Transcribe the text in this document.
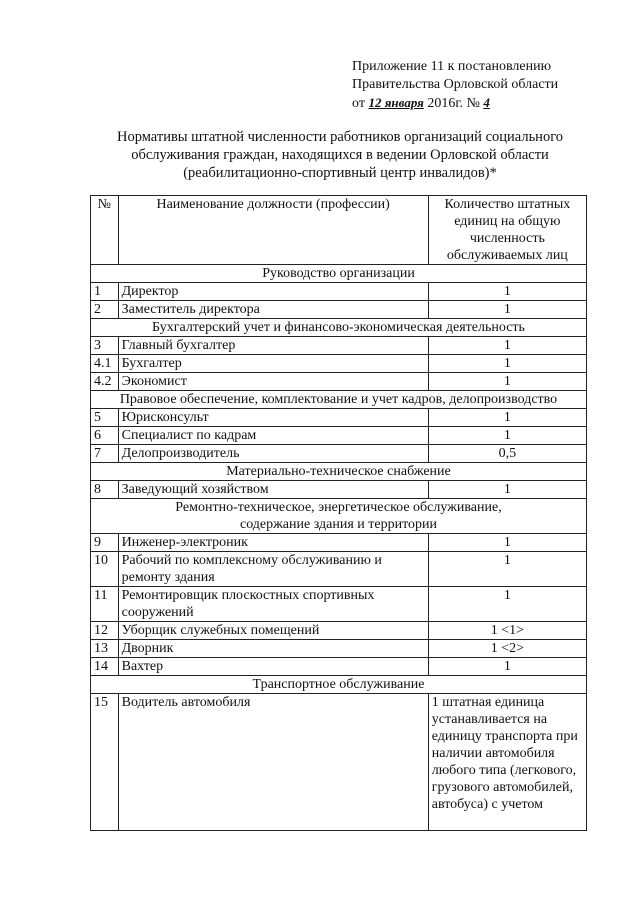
Приложение 11 к постановлению
Правительства Орловской области
от 12 января 2016г. № 4
Нормативы штатной численности работников организаций социального
обслуживания граждан, находящихся в ведении Орловской области
(реабилитационно-спортивный центр инвалидов)*
№	Наименование должности (профессии)	Количество штатных единиц на общую численность обслуживаемых лиц
Руководство организации		
1	Директор	1
2	Заместитель директора	1
Бухгалтерский учет и финансово-экономическая деятельность		
3	Главный бухгалтер	1
4.1	Бухгалтер	1
4.2	Экономист	1
Правовое обеспечение, комплектование и учет кадров, делопроизводство		
5	Юрисконсульт	1
6	Специалист по кадрам	1
7	Делопроизводитель	0,5
Материально-техническое снабжение		
8	Заведующий хозяйством	1
Ремонтно-техническое, энергетическое обслуживание, содержание здания и территории		
9	Инженер-электроник	1
10	Рабочий по комплексному обслуживанию и ремонту здания	1
11	Ремонтировщик плоскостных спортивных сооружений	1
12	Уборщик служебных помещений	1 <1>
13	Дворник	1 <2>
14	Вахтер	1
Транспортное обслуживание		
15	Водитель автомобиля	1 штатная единица устанавливается на единицу транспорта при наличии автомобиля любого типа (легкового, грузового автомобилей, автобуса) с учетом
